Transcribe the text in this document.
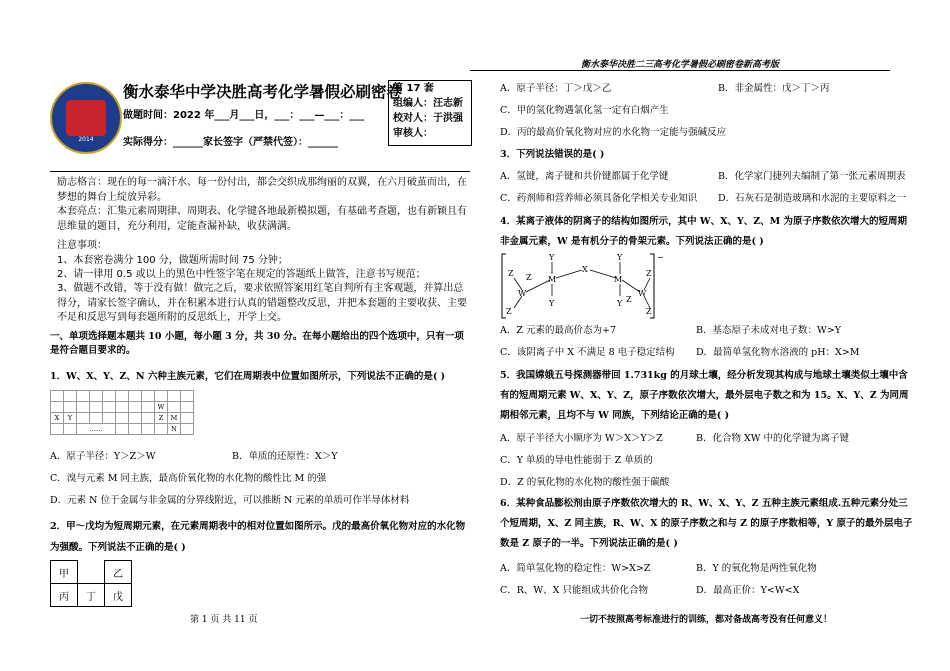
衡水泰华决胜二三高考化学暑假必刷密卷新高考版
2014
衡水泰华中学决胜高考化学暑假必刷密卷
第 17 套
组编人：汪志新
校对人：于洪强
审核人：
做题时间：2022 年___月___日，___：___—___：___
实际得分：______家长签字（严禁代签）：______
励志格言：现在的每一滴汗水、每一份付出，都会交织成那绚丽的双翼，在六月破茧而出，在梦想的舞台上绽放异彩。
本套亮点：汇集元素周期律、周期表、化学键各地最新模拟题，有基础考查题，也有新颖且有思维量的题目，充分利用，定能查漏补缺，收获满满。
注意事项：
1、本套密卷满分 100 分，做题所需时间 75 分钟；
2、请一律用 0.5 或以上的黑色中性签字笔在规定的答题纸上做答，注意书写规范；
3、做题不改错，等于没有做！做完之后，要求依照答案用红笔自判所有主客观题，并算出总得分，请家长签字确认，并在积累本进行认真的错题整改反思，并把本套题的主要收获、主要不足和反思写到每套题所附的反思纸上，开学上交。
一、单项选择题本题共 10 小题，每小题 3 分，共 30 分。在每小题给出的四个选项中，只有一项是符合题目要求的。
1．W、X、Y、Z、N 六种主族元素，它们在周期表中位置如图所示，下列说法不正确的是( )

								W		
X	Y							Z	M	
		……							N	
A．原子半径：Y＞Z＞W	B．单质的还原性：X＞Y
C．溴与元素 M 同主族，最高价氧化物的水化物的酸性比 M 的强
D．元素 N 位于金属与非金属的分界线附近，可以推断 N 元素的单质可作半导体材料
2．甲～戊均为短周期元素，在元素周期表中的相对位置如图所示。戊的最高价氧化物对应的水化物为强酸。下列说法不正确的是( )
甲		乙
丙	丁	戊
A．原子半径：丁＞戊＞乙	B．非金属性：戊＞丁＞丙
C．甲的氢化物遇氯化氢一定有白烟产生
D．丙的最高价氧化物对应的水化物一定能与强碱反应
3．下列说法错误的是( )
A．氢键，离子键和共价键都属于化学键	B．化学家门捷列夫编制了第一张元素周期表
C．药剂师和营养师必须具备化学相关专业知识 D．石灰石是制造玻璃和水泥的主要原料之一
4．某离子液体的阴离子的结构如图所示，其中 W、X、Y、Z、M 为原子序数依次增大的短周期非金属元素，W 是有机分子的骨架元素。下列说法正确的是( )
−
W
M
X
M
W
Y
Y
Y
Y
Z
Z
Z	Z
Z
Z
A．Z 元素的最高价态为+7	B．基态原子未成对电子数：W>Y
C．该阴离子中 X 不满足 8 电子稳定结构 D．最简单氢化物水溶液的 pH：X>M
5．我国嫦娥五号探测器带回 1.731kg 的月球土壤，经分析发现其构成与地球土壤类似土壤中含有的短周期元素 W、X、Y、Z，原子序数依次增大，最外层电子数之和为 15。X、Y、Z 为同周期相邻元素，且均不与 W 同族，下列结论正确的是( )
A．原子半径大小顺序为 W＞X＞Y＞Z	B．化合物 XW 中的化学键为离子键
C．Y 单质的导电性能弱于 Z 单质的
D．Z 的氧化物的水化物的酸性强于碳酸
6．某种食品膨松剂由原子序数依次增大的 R、W、X、Y、Z 五种主族元素组成.五种元素分处三个短周期，X、Z 同主族，R、W、X 的原子序数之和与 Z 的原子序数相等，Y 原子的最外层电子数是 Z 原子的一半。下列说法正确的是( )
A．简单氢化物的稳定性：W>X>Z	B．Y 的氧化物是两性氧化物
C．R、W、X 只能组成共价化合物	D．最高正价：Y<W<X
第 1 页 共 11 页	一切不按照高考标准进行的训练，都对备战高考没有任何意义！
